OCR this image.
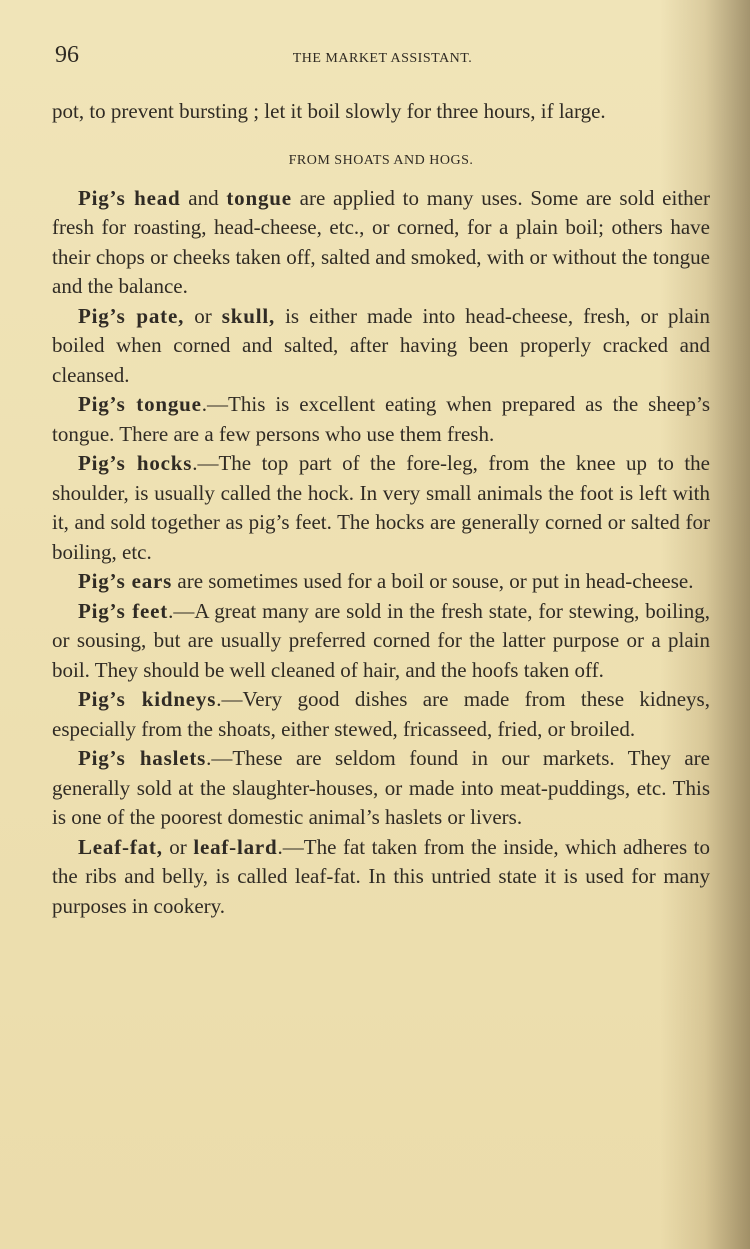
96	THE MARKET ASSISTANT.

pot, to prevent bursting ; let it boil slowly for three hours, if large.

FROM SHOATS AND HOGS.

Pig’s head and tongue are applied to many uses. Some are sold either fresh for roasting, head-cheese, etc., or corned, for a plain boil; others have their chops or cheeks taken off, salted and smoked, with or without the tongue and the balance.

Pig’s pate, or skull, is either made into head-cheese, fresh, or plain boiled when corned and salted, after having been properly cracked and cleansed.

Pig’s tongue.—This is excellent eating when prepared as the sheep’s tongue. There are a few persons who use them fresh.

Pig’s hocks.—The top part of the fore-leg, from the knee up to the shoulder, is usually called the hock. In very small animals the foot is left with it, and sold together as pig’s feet. The hocks are generally corned or salted for boiling, etc.

Pig’s ears are sometimes used for a boil or souse, or put in head-cheese.

Pig’s feet.—A great many are sold in the fresh state, for stewing, boiling, or sousing, but are usually preferred corned for the latter purpose or a plain boil. They should be well cleaned of hair, and the hoofs taken off.

Pig’s kidneys.—Very good dishes are made from these kidneys, especially from the shoats, either stewed, fricasseed, fried, or broiled.

Pig’s haslets.—These are seldom found in our markets. They are generally sold at the slaughter-houses, or made into meat-puddings, etc. This is one of the poorest domestic animal’s haslets or livers.

Leaf-fat, or leaf-lard.—The fat taken from the inside, which adheres to the ribs and belly, is called leaf-fat. In this untried state it is used for many purposes in cookery.
